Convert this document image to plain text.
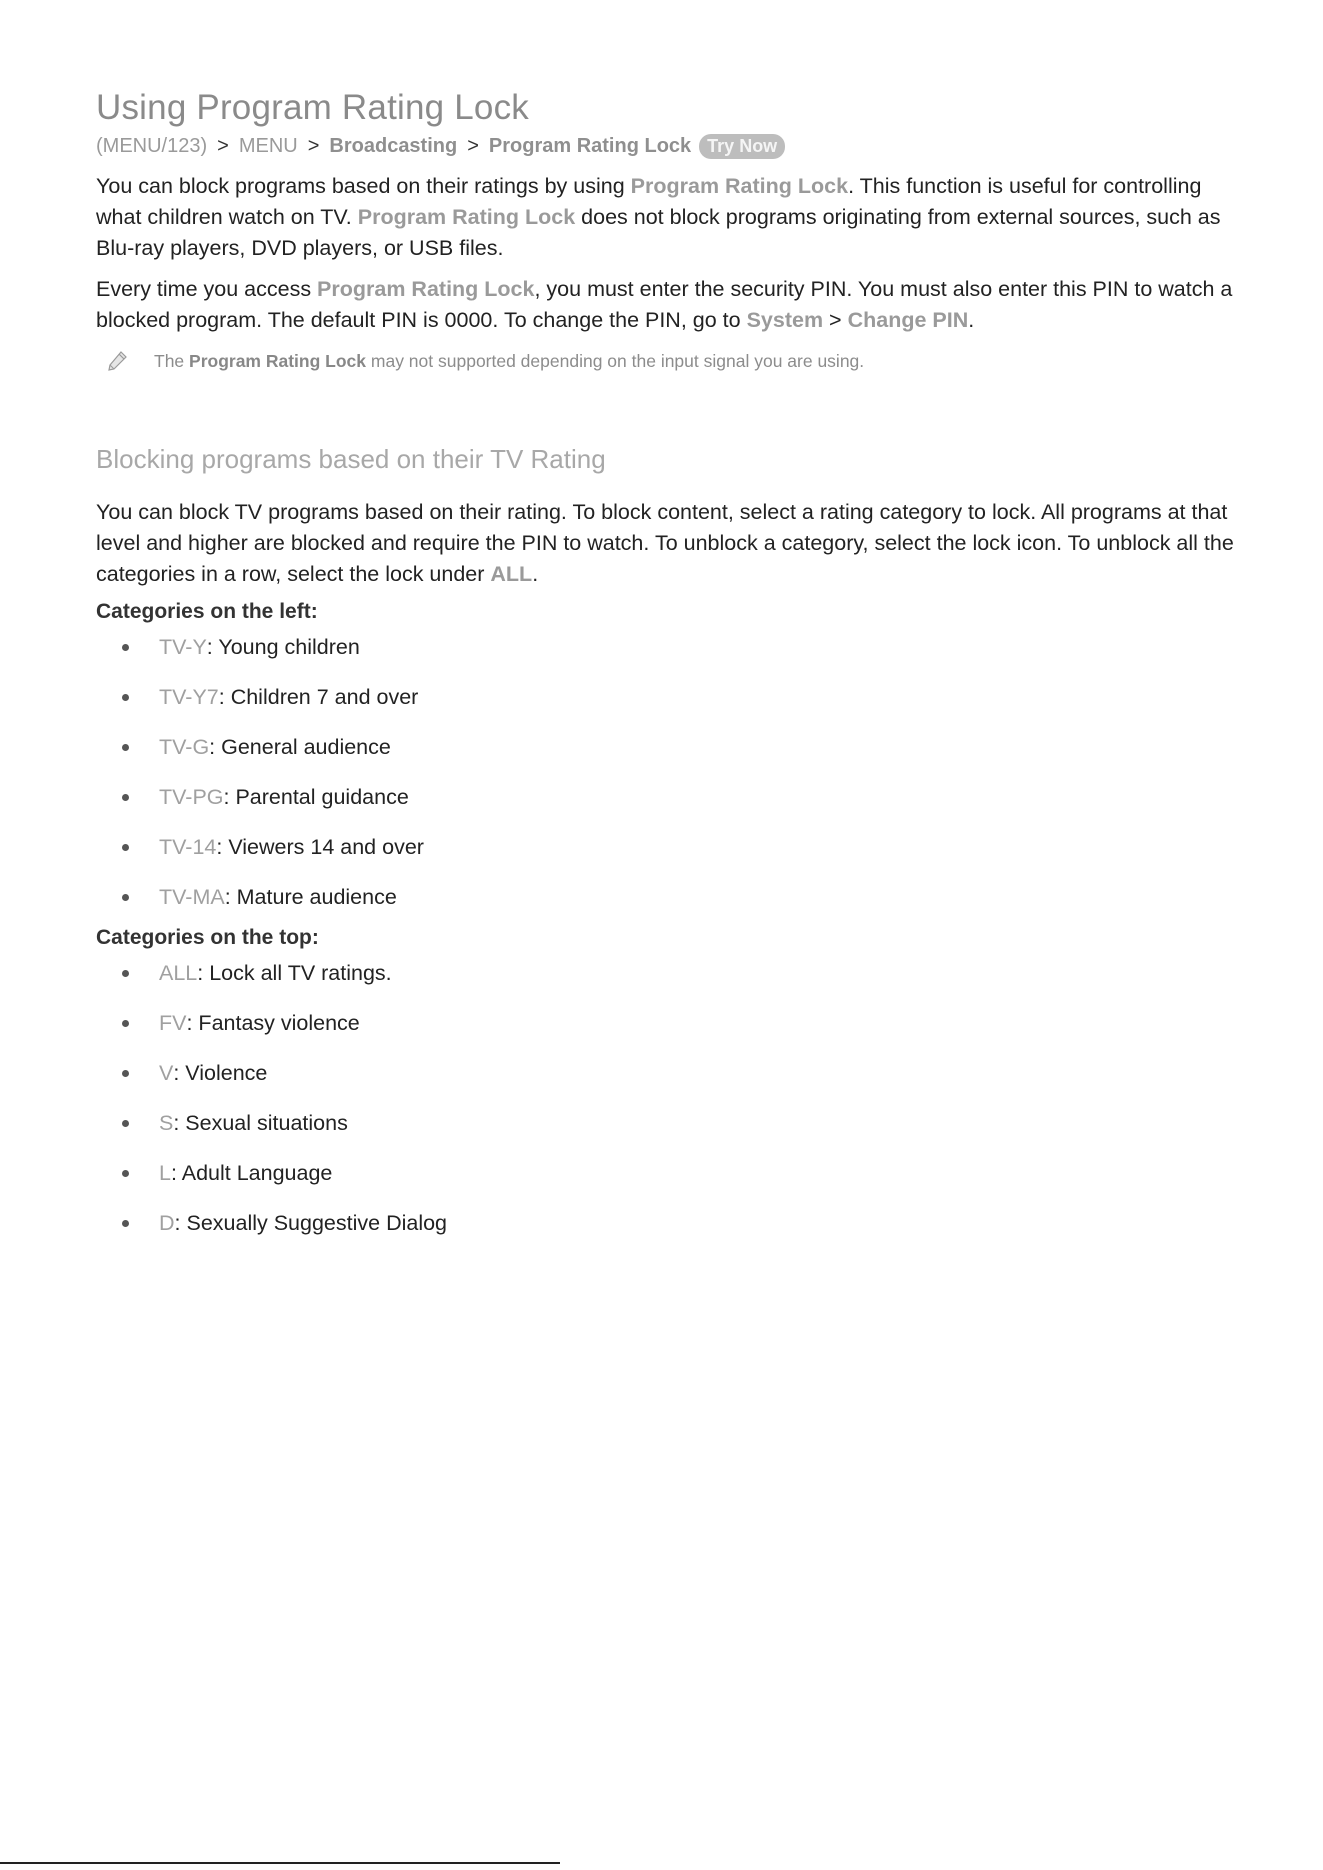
Using Program Rating Lock
(MENU/123) > MENU > Broadcasting > Program Rating Lock Try Now

You can block programs based on their ratings by using Program Rating Lock. This function is useful for controlling what children watch on TV. Program Rating Lock does not block programs originating from external sources, such as Blu-ray players, DVD players, or USB files.

Every time you access Program Rating Lock, you must enter the security PIN. You must also enter this PIN to watch a blocked program. The default PIN is 0000. To change the PIN, go to System > Change PIN.

The Program Rating Lock may not supported depending on the input signal you are using.
Blocking programs based on their TV Rating

You can block TV programs based on their rating. To block content, select a rating category to lock. All programs at that level and higher are blocked and require the PIN to watch. To unblock a category, select the lock icon. To unblock all the categories in a row, select the lock under ALL.

Categories on the left:
TV-Y : Young children
TV-Y7 : Children 7 and over
TV-G : General audience
TV-PG : Parental guidance
TV-14 : Viewers 14 and over
TV-MA : Mature audience
Categories on the top:
ALL : Lock all TV ratings.
FV : Fantasy violence
V : Violence
S : Sexual situations
L : Adult Language
D : Sexually Suggestive Dialog
